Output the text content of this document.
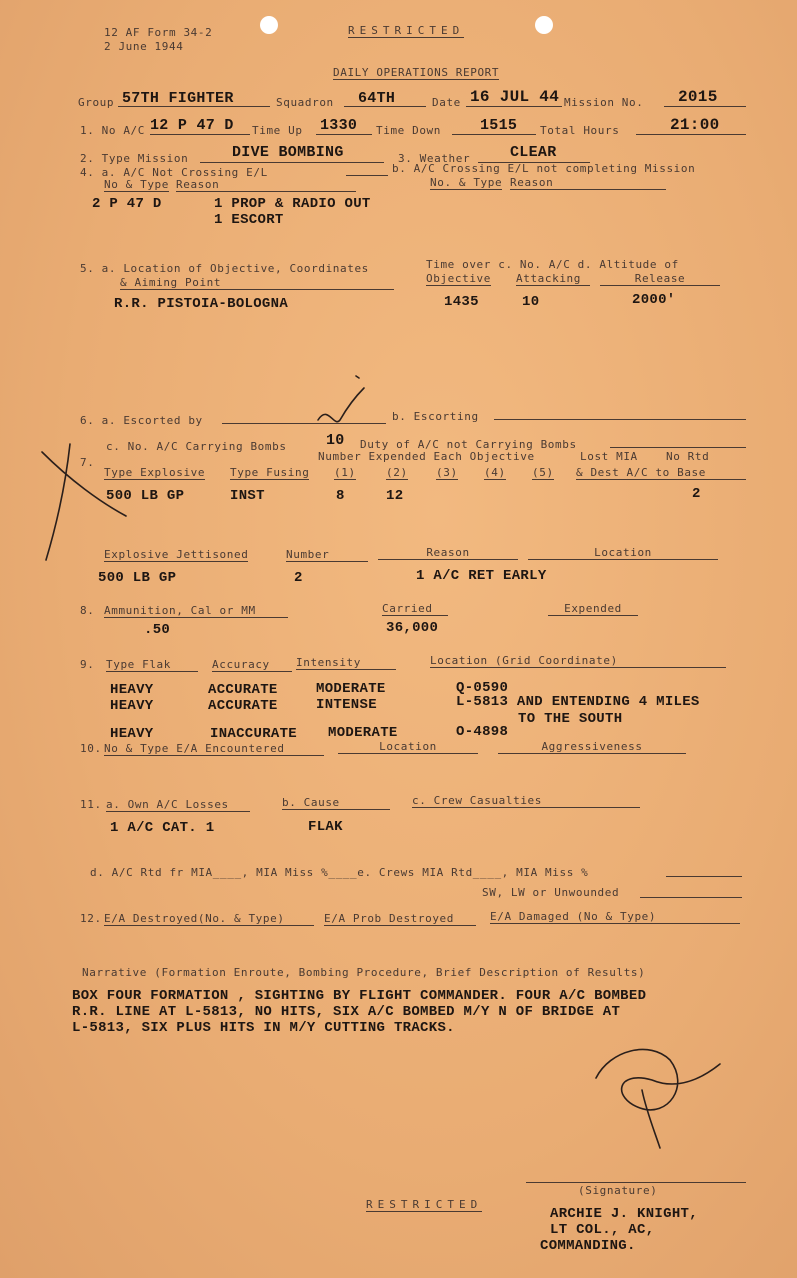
12 AF Form 34-2
2 June 1944
RESTRICTED
DAILY OPERATIONS REPORT
Group 57TH FIGHTER	Squadron 64TH	Date 16 JUL 44 Mission No. 2015
1. No A/C 12 P 47 D Time Up 1330 Time Down	1515 Total Hours	21:00
2. Type Mission	DIVE BOMBING	3. Weather	CLEAR
4. a. A/C Not Crossing E/L	b. A/C Crossing E/L not completing Mission
No & Type Reason	No. & Type Reason
2 P 47 D	1 PROP & RADIO OUT
1 ESCORT
5. a. Location of Objective, Coordinates
& Aiming Point
Time over c. No. A/C d. Altitude of
Objective Attacking	Release
R.R. PISTOIA-BOLOGNA	1435	10	2000'
6. a. Escorted by	b. Escorting
c. No. A/C Carrying Bombs	10 Duty of A/C not Carrying Bombs
7.	Number Expended Each Objective	Lost MIA	No Rtd
Type Explosive Type Fusing (1)	(2)	(3) (4) (5) & Dest A/C to Base
500 LB GP	INST	8	12	2
Explosive Jettisoned	Number	Reason	Location
500 LB GP	2	1 A/C RET EARLY
8. Ammunition, Cal or MM	Carried	Expended
.50	36,000
9. Type Flak	Accuracy	Intensity	Location (Grid Coordinate)
HEAVY	ACCURATE	MODERATE	Q-0590
HEAVY	ACCURATE	INTENSE	L-5813 AND ENTENDING 4 MILES
TO THE SOUTH
HEAVY	INACCURATE MODERATE	O-4898
10. No & Type E/A Encountered	Location	Aggressiveness
11. a. Own A/C Losses	b. Cause	c. Crew Casualties
1 A/C CAT. 1	FLAK
d. A/C Rtd fr MIA____, MIA Miss %____e. Crews MIA Rtd____, MIA Miss %
SW, LW or Unwounded
12. E/A Destroyed(No. & Type)	E/A Prob Destroyed	E/A Damaged (No & Type)
Narrative (Formation Enroute, Bombing Procedure, Brief Description of Results)
BOX FOUR FORMATION , SIGHTING BY FLIGHT COMMANDER. FOUR A/C BOMBED
R.R. LINE AT L-5813, NO HITS, SIX A/C BOMBED M/Y N OF BRIDGE AT
L-5813, SIX PLUS HITS IN M/Y CUTTING TRACKS.
(Signature)
RESTRICTED
ARCHIE J. KNIGHT,
LT COL., AC,
COMMANDING.
